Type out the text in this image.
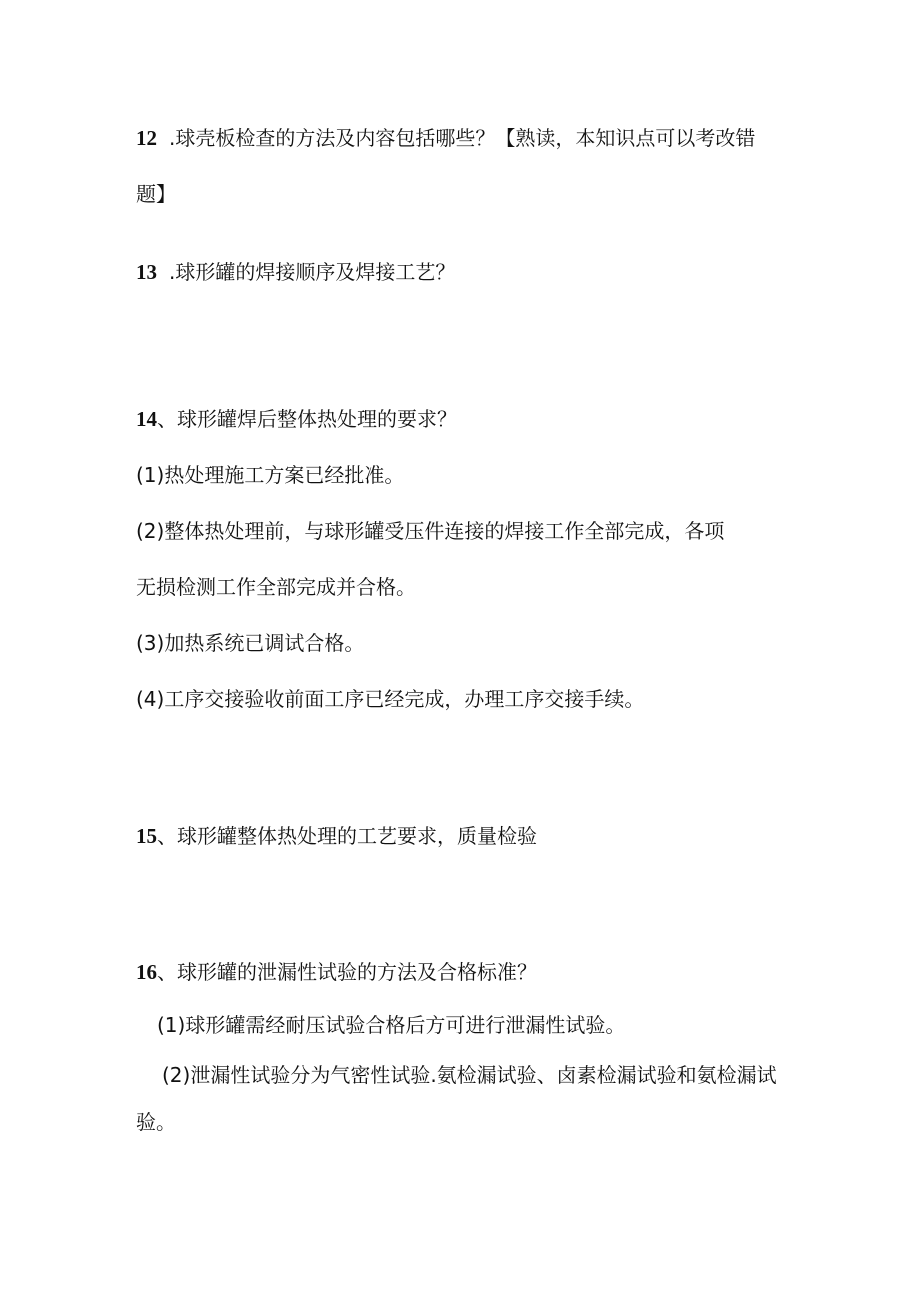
12 .球壳板检查的方法及内容包括哪些？【熟读，本知识点可以考改错
题】
13 .球形罐的焊接顺序及焊接工艺？
14、球形罐焊后整体热处理的要求？
(1)热处理施工方案已经批准。
(2)整体热处理前，与球形罐受压件连接的焊接工作全部完成，各项
无损检测工作全部完成并合格。
(3)加热系统已调试合格。
(4)工序交接验收前面工序已经完成，办理工序交接手续。
15、球形罐整体热处理的工艺要求，质量检验
16、球形罐的泄漏性试验的方法及合格标准？
(1)球形罐需经耐压试验合格后方可进行泄漏性试验。
(2)泄漏性试验分为气密性试验.氨检漏试验、卤素检漏试验和氨检漏试
验。
